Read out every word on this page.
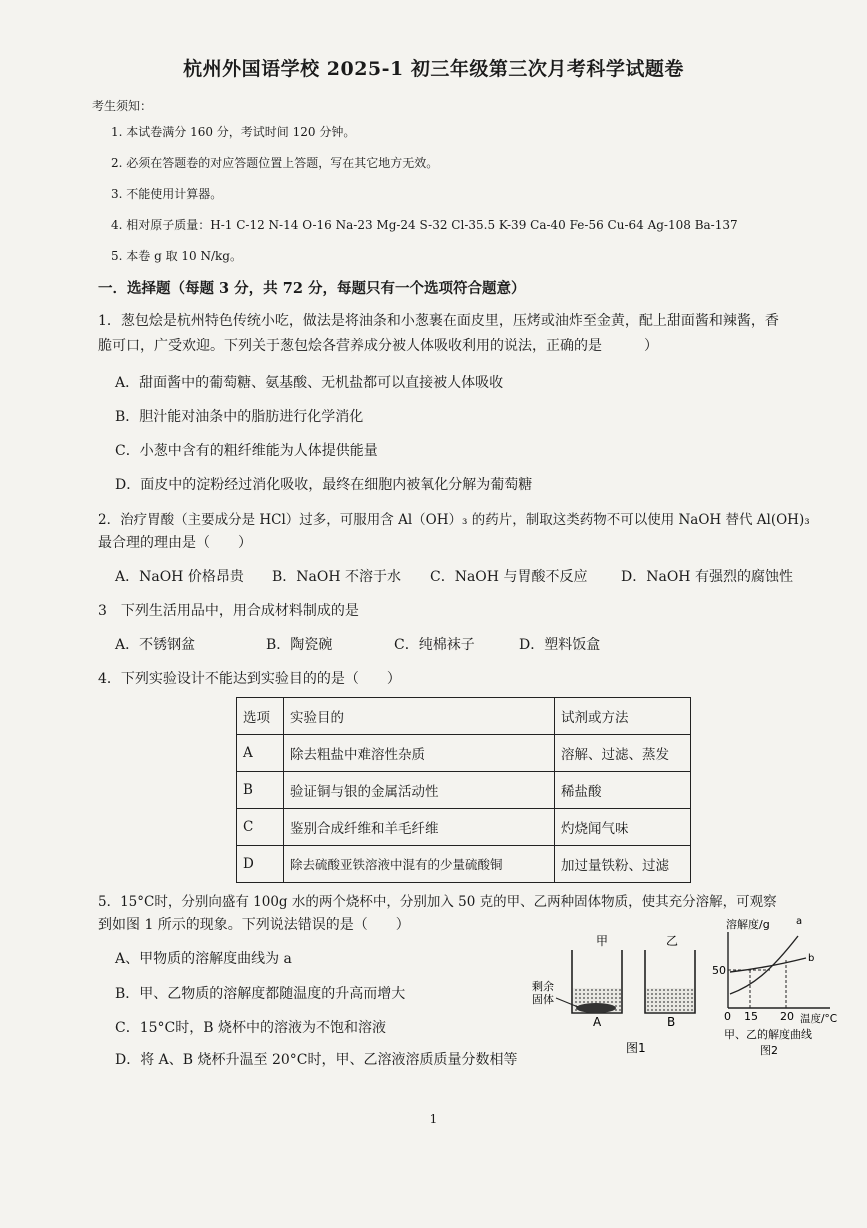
杭州外国语学校 2025-1 初三年级第三次月考科学试题卷
考生须知：
1. 本试卷满分 160 分，考试时间 120 分钟。
2. 必须在答题卷的对应答题位置上答题，写在其它地方无效。
3. 不能使用计算器。
4. 相对原子质量：H-1 C-12 N-14 O-16 Na-23 Mg-24 S-32 Cl-35.5 K-39 Ca-40 Fe-56 Cu-64 Ag-108 Ba-137
5. 本卷 g 取 10 N/kg。
一．选择题（每题 3 分，共 72 分，每题只有一个选项符合题意）
1．葱包烩是杭州特色传统小吃，做法是将油条和小葱裹在面皮里，压烤或油炸至金黄，配上甜面酱和辣酱，香
脆可口，广受欢迎。下列关于葱包烩各营养成分被人体吸收利用的说法，正确的是　　　）
A．甜面酱中的葡萄糖、氨基酸、无机盐都可以直接被人体吸收
B．胆汁能对油条中的脂肪进行化学消化
C．小葱中含有的粗纤维能为人体提供能量
D．面皮中的淀粉经过消化吸收，最终在细胞内被氧化分解为葡萄糖
2．治疗胃酸（主要成分是 HCl）过多，可服用含 Al（OH）₃ 的药片，制取这类药物不可以使用 NaOH 替代 Al(OH)₃
最合理的理由是（　　）
A．NaOH 价格昂贵 B．NaOH 不溶于水 C．NaOH 与胃酸不反应 D．NaOH 有强烈的腐蚀性
3　下列生活用品中，用合成材料制成的是
A．不锈钢盆	B．陶瓷碗	C．纯棉袜子	D．塑料饭盒
4．下列实验设计不能达到实验目的的是（　　）
选项	实验目的	试剂或方法
A	除去粗盐中难溶性杂质	溶解、过滤、蒸发
B	验证铜与银的金属活动性	稀盐酸
C	鉴别合成纤维和羊毛纤维	灼烧闻气味
D	除去硫酸亚铁溶液中混有的少量硫酸铜	加过量铁粉、过滤
5．15°C时，分别向盛有 100g 水的两个烧杯中，分别加入 50 克的甲、乙两种固体物质，使其充分溶解，可观察
到如图 1 所示的现象。下列说法错误的是（　　）
A、甲物质的溶解度曲线为 a
B．甲、乙物质的溶解度都随温度的升高而增大
C．15°C时，B 烧杯中的溶液为不饱和溶液
D．将 A、B 烧杯升温至 20°C时，甲、乙溶液溶质质量分数相等
甲	乙
剩余
固体
A	B
图1
溶解度/g	a
b
50
0 15 20 温度/°C
甲、乙的解度曲线
图2
1
